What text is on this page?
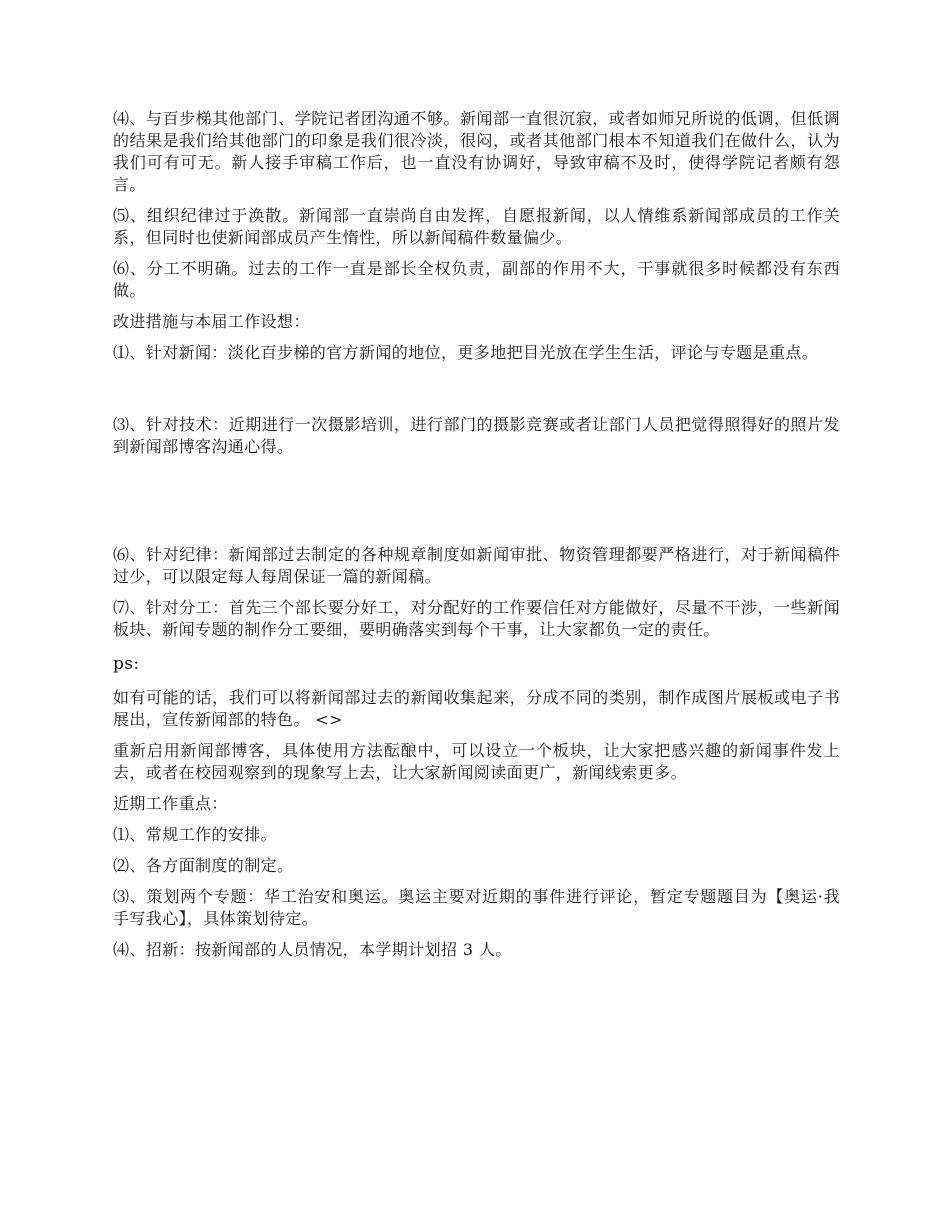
⑷、与百步梯其他部门、学院记者团沟通不够。新闻部一直很沉寂，或者如师兄所说的低调，但低调的结果是我们给其他部门的印象是我们很冷淡，很闷，或者其他部门根本不知道我们在做什么，认为我们可有可无。新人接手审稿工作后，也一直没有协调好，导致审稿不及时，使得学院记者颇有怨言。

⑸、组织纪律过于涣散。新闻部一直崇尚自由发挥，自愿报新闻，以人情维系新闻部成员的工作关系，但同时也使新闻部成员产生惰性，所以新闻稿件数量偏少。

⑹、分工不明确。过去的工作一直是部长全权负责，副部的作用不大，干事就很多时候都没有东西做。

改进措施与本届工作设想：

⑴、针对新闻：淡化百步梯的官方新闻的地位，更多地把目光放在学生生活，评论与专题是重点。

⑶、针对技术：近期进行一次摄影培训，进行部门的摄影竞赛或者让部门人员把觉得照得好的照片发到新闻部博客沟通心得。

⑹、针对纪律：新闻部过去制定的各种规章制度如新闻审批、物资管理都要严格进行，对于新闻稿件过少，可以限定每人每周保证一篇的新闻稿。

⑺、针对分工：首先三个部长要分好工，对分配好的工作要信任对方能做好，尽量不干涉，一些新闻板块、新闻专题的制作分工要细，要明确落实到每个干事，让大家都负一定的责任。

ps:

如有可能的话，我们可以将新闻部过去的新闻收集起来，分成不同的类别，制作成图片展板或电子书展出，宣传新闻部的特色。 <>

重新启用新闻部博客，具体使用方法酝酿中，可以设立一个板块，让大家把感兴趣的新闻事件发上去，或者在校园观察到的现象写上去，让大家新闻阅读面更广，新闻线索更多。

近期工作重点：

⑴、常规工作的安排。

⑵、各方面制度的制定。

⑶、策划两个专题：华工治安和奥运。奥运主要对近期的事件进行评论，暂定专题题目为【奥运·我手写我心】，具体策划待定。

⑷、招新：按新闻部的人员情况，本学期计划招 3 人。
